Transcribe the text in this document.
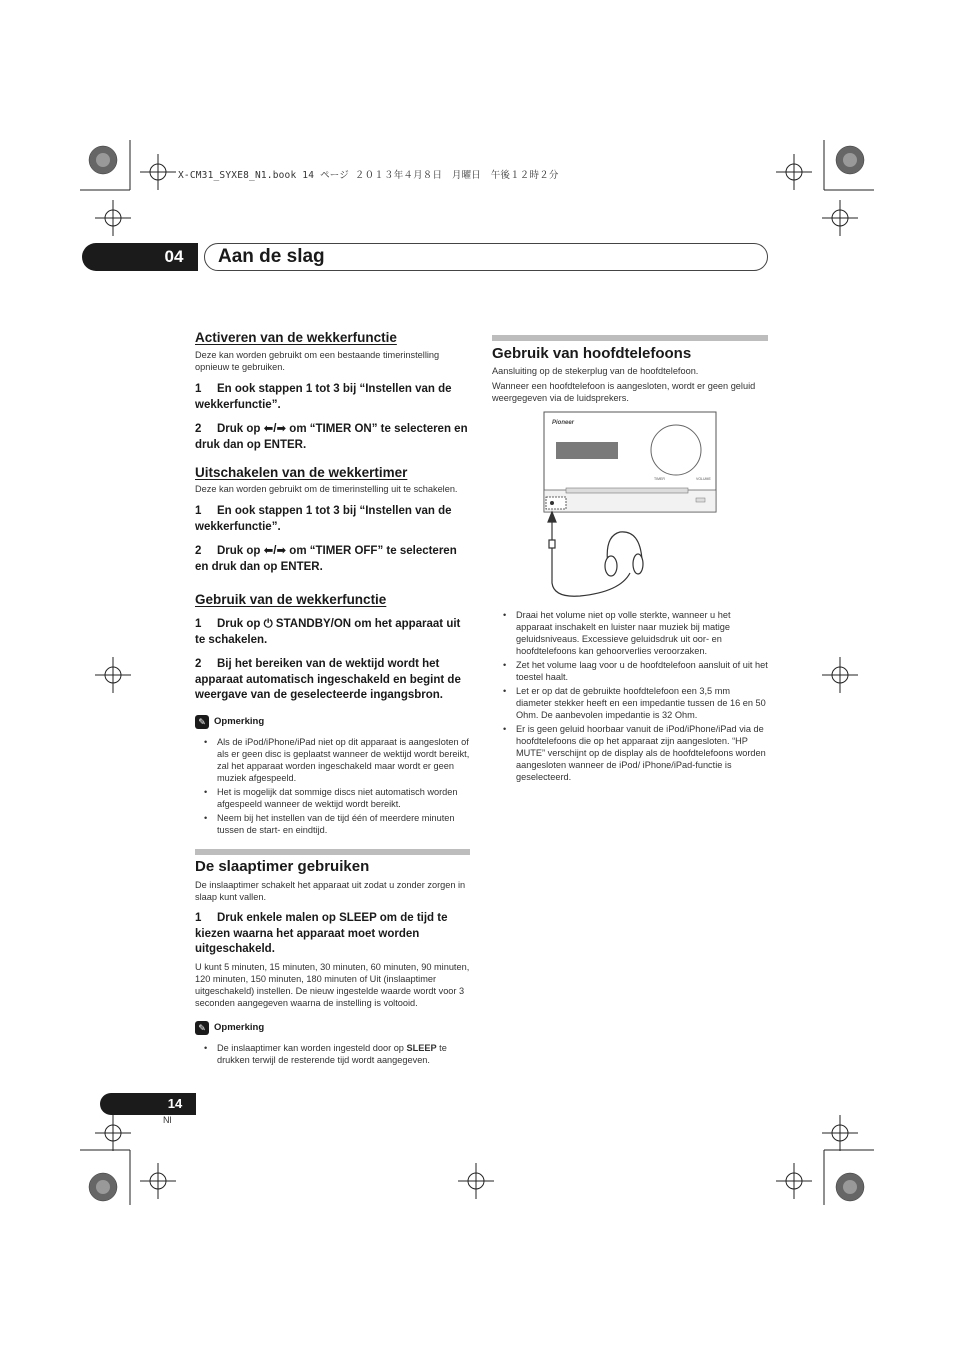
X-CM31_SYXE8_N1.book 14 ページ ２０１３年４月８日　月曜日　午後１２時２分
04	Aan de slag
Activeren van de wekkerfunctie

Deze kan worden gebruikt om een bestaande timerinstelling opnieuw te gebruiken.

1 En ook stappen 1 tot 3 bij “Instellen van de wekkerfunctie”.

2 Druk op ⬅/➡ om “TIMER ON” te selecteren en druk dan op ENTER.

Uitschakelen van de wekkertimer

Deze kan worden gebruikt om de timerinstelling uit te schakelen.

1 En ook stappen 1 tot 3 bij “Instellen van de wekkerfunctie”.

2 Druk op ⬅/➡ om “TIMER OFF” te selecteren en druk dan op ENTER.

Gebruik van de wekkerfunctie

1 Druk op ⏻ STANDBY/ON om het apparaat uit te schakelen.

2 Bij het bereiken van de wektijd wordt het apparaat automatisch ingeschakeld en begint de weergave van de geselecteerde ingangsbron.

✎ Opmerking
• Als de iPod/iPhone/iPad niet op dit apparaat is aangesloten of als er geen disc is geplaatst wanneer de wektijd wordt bereikt, zal het apparaat worden ingeschakeld maar wordt er geen muziek afgespeeld.
• Het is mogelijk dat sommige discs niet automatisch worden afgespeeld wanneer de wektijd wordt bereikt.
• Neem bij het instellen van de tijd één of meerdere minuten tussen de start- en eindtijd.
De slaaptimer gebruiken

De inslaaptimer schakelt het apparaat uit zodat u zonder zorgen in slaap kunt vallen.

1 Druk enkele malen op SLEEP om de tijd te kiezen waarna het apparaat moet worden uitgeschakeld.

U kunt 5 minuten, 15 minuten, 30 minuten, 60 minuten, 90 minuten, 120 minuten, 150 minuten, 180 minuten of Uit (inslaaptimer uitgeschakeld) instellen. De nieuw ingestelde waarde wordt voor 3 seconden aangegeven waarna de instelling is voltooid.

✎ Opmerking
• De inslaaptimer kan worden ingesteld door op SLEEP te drukken terwijl de resterende tijd wordt aangegeven.
Gebruik van hoofdtelefoons

Aansluiting op de stekerplug van de hoofdtelefoon.

Wanneer een hoofdtelefoon is aangesloten, wordt er geen geluid weergegeven via de luidsprekers.

Pioneer
TIMER	VOLUME
• Draai het volume niet op volle sterkte, wanneer u het apparaat inschakelt en luister naar muziek bij matige geluidsniveaus. Excessieve geluidsdruk uit oor- en hoofdtelefoons kan gehoorverlies veroorzaken.
• Zet het volume laag voor u de hoofdtelefoon aansluit of uit het toestel haalt.
• Let er op dat de gebruikte hoofdtelefoon een 3,5 mm diameter stekker heeft en een impedantie tussen de 16 en 50 Ohm. De aanbevolen impedantie is 32 Ohm.
• Er is geen geluid hoorbaar vanuit de iPod/iPhone/iPad via de hoofdtelefoons die op het apparaat zijn aangesloten. “HP MUTE” verschijnt op de display als de hoofdtelefoons worden aangesloten wanneer de iPod/ iPhone/iPad-functie is geselecteerd.
14
Nl
